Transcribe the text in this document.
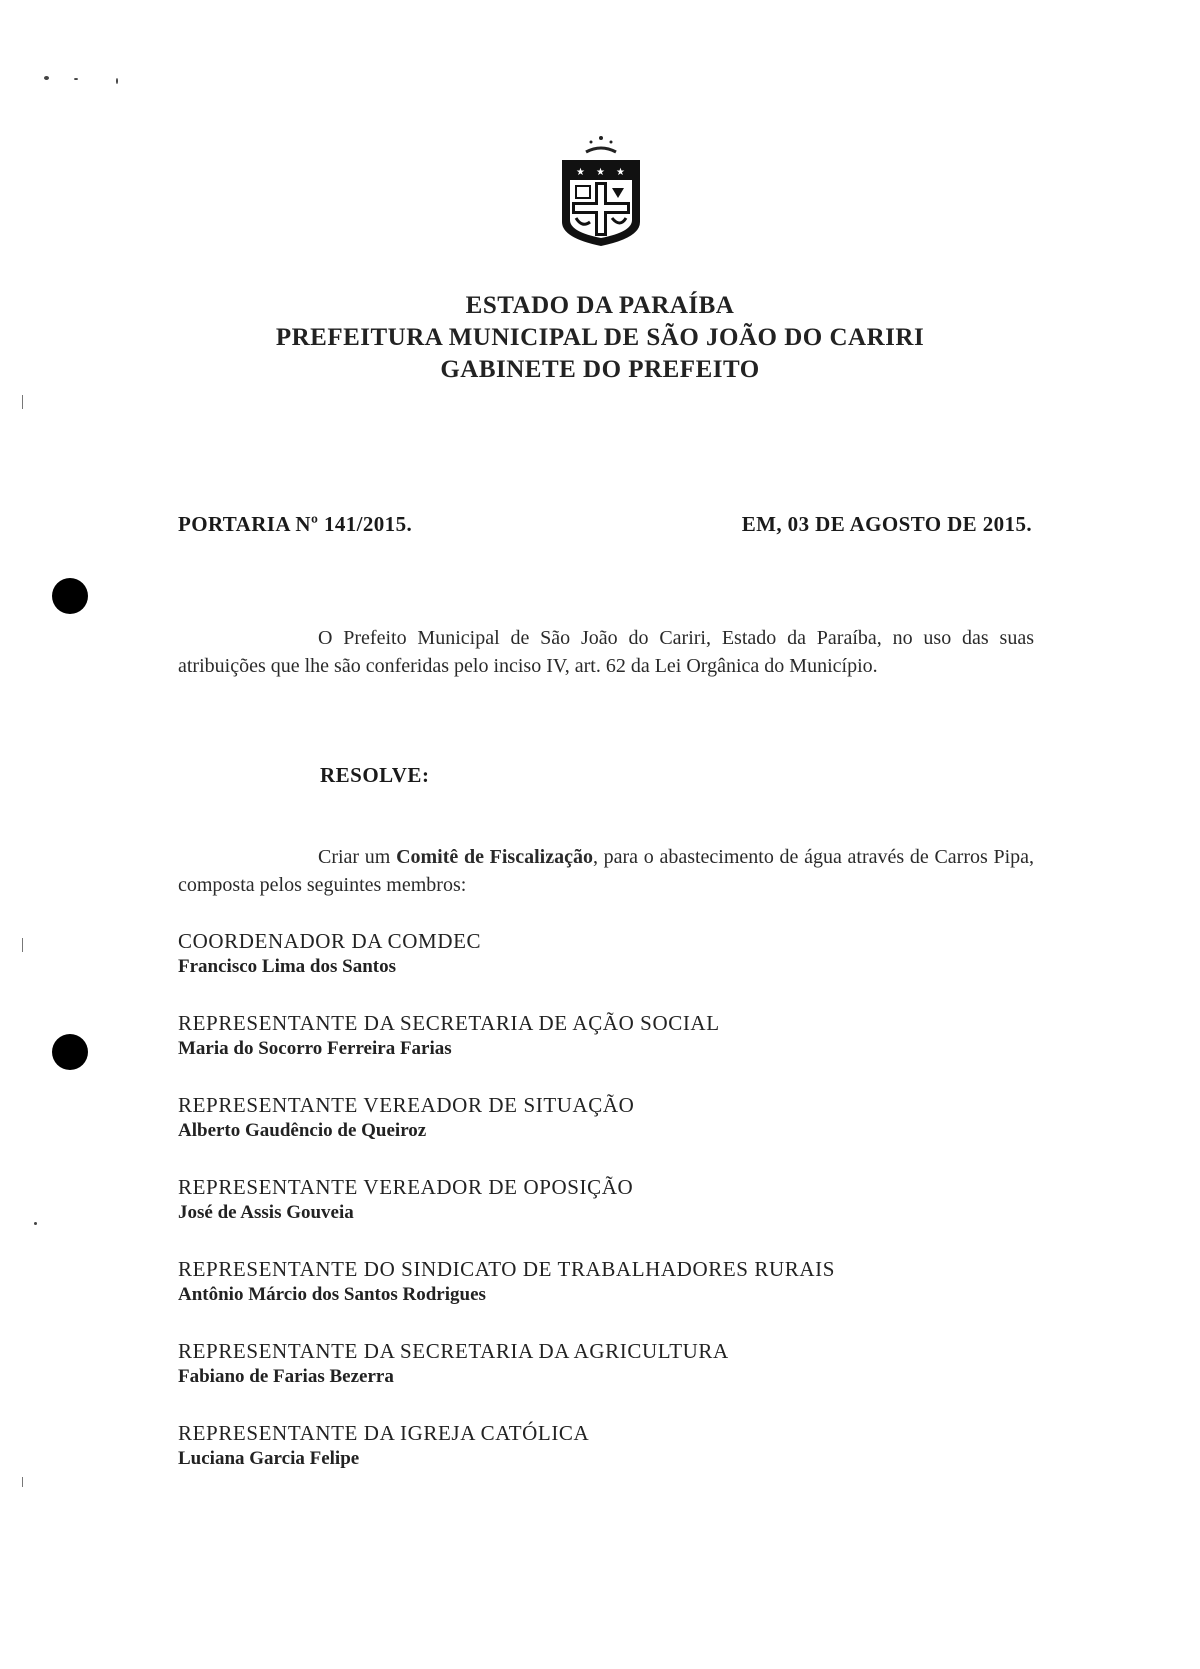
★ ★ ★
ESTADO DA PARAÍBA
PREFEITURA MUNICIPAL DE SÃO JOÃO DO CARIRI
GABINETE DO PREFEITO
PORTARIA Nº 141/2015.	EM, 03 DE AGOSTO DE 2015.
O Prefeito Municipal de São João do Cariri, Estado da Paraíba, no uso das suas atribuições que lhe são conferidas pelo inciso IV, art. 62 da Lei Orgânica do Município.
RESOLVE:
Criar um Comitê de Fiscalização, para o abastecimento de água através de Carros Pipa, composta pelos seguintes membros:
COORDENADOR DA COMDEC
Francisco Lima dos Santos
REPRESENTANTE DA SECRETARIA DE AÇÃO SOCIAL
Maria do Socorro Ferreira Farias
REPRESENTANTE VEREADOR DE SITUAÇÃO
Alberto Gaudêncio de Queiroz
REPRESENTANTE VEREADOR DE OPOSIÇÃO
José de Assis Gouveia
REPRESENTANTE DO SINDICATO DE TRABALHADORES RURAIS
Antônio Márcio dos Santos Rodrigues
REPRESENTANTE DA SECRETARIA DA AGRICULTURA
Fabiano de Farias Bezerra
REPRESENTANTE DA IGREJA CATÓLICA
Luciana Garcia Felipe
